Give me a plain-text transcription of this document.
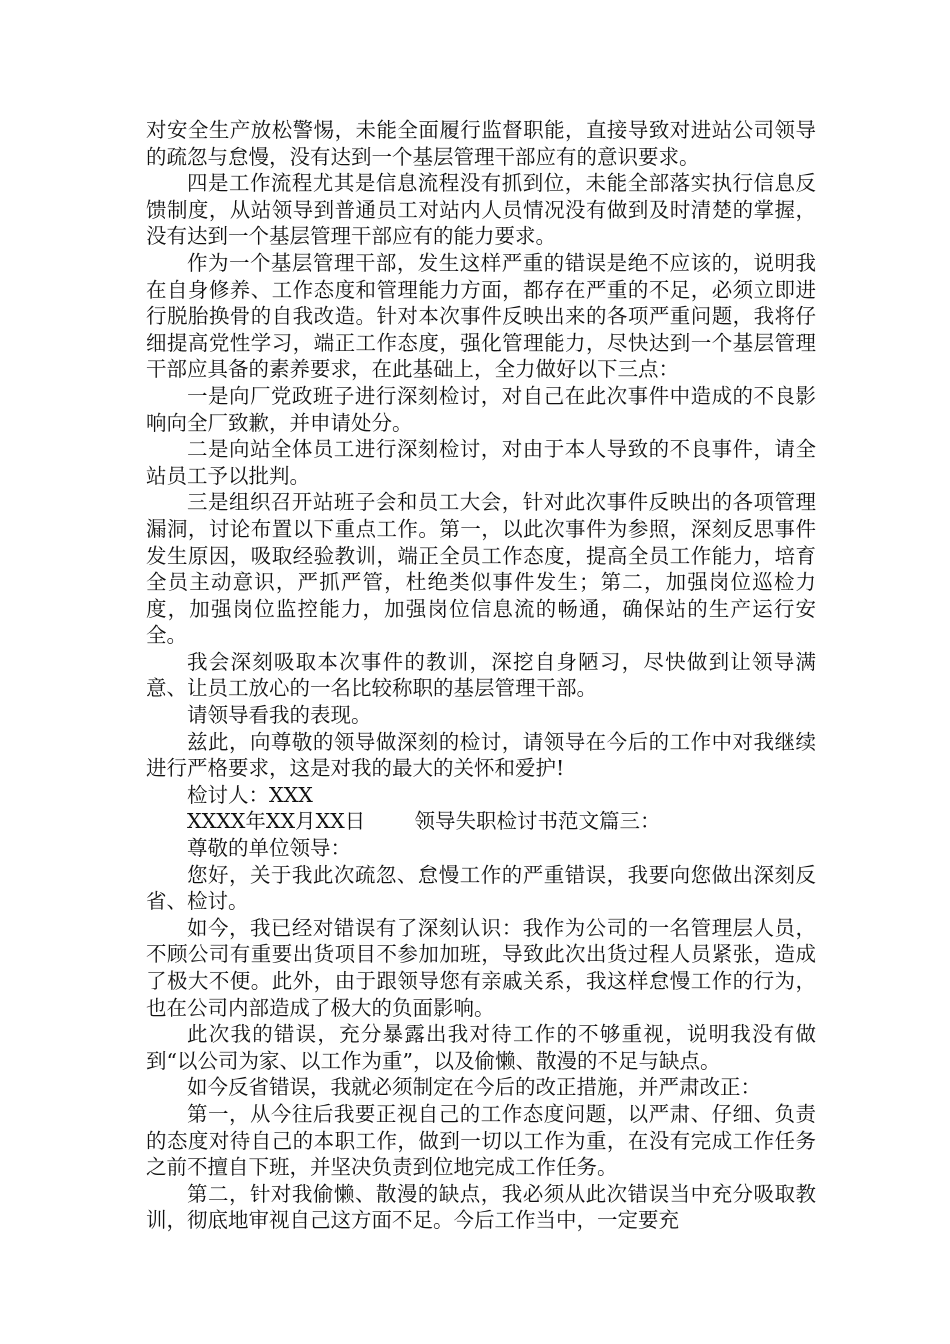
对安全生产放松警惕，未能全面履行监督职能，直接导致对进站公司领导的疏忽与怠慢，没有达到一个基层管理干部应有的意识要求。

四是工作流程尤其是信息流程没有抓到位，未能全部落实执行信息反馈制度，从站领导到普通员工对站内人员情况没有做到及时清楚的掌握，没有达到一个基层管理干部应有的能力要求。

作为一个基层管理干部，发生这样严重的错误是绝不应该的，说明我在自身修养、工作态度和管理能力方面，都存在严重的不足，必须立即进行脱胎换骨的自我改造。针对本次事件反映出来的各项严重问题，我将仔细提高党性学习，端正工作态度，强化管理能力，尽快达到一个基层管理干部应具备的素养要求，在此基础上，全力做好以下三点：

一是向厂党政班子进行深刻检讨，对自己在此次事件中造成的不良影响向全厂致歉，并申请处分。

二是向站全体员工进行深刻检讨，对由于本人导致的不良事件，请全站员工予以批判。

三是组织召开站班子会和员工大会，针对此次事件反映出的各项管理漏洞，讨论布置以下重点工作。第一，以此次事件为参照，深刻反思事件发生原因，吸取经验教训，端正全员工作态度，提高全员工作能力，培育全员主动意识，严抓严管，杜绝类似事件发生；第二，加强岗位巡检力度，加强岗位监控能力，加强岗位信息流的畅通，确保站的生产运行安全。

我会深刻吸取本次事件的教训，深挖自身陋习，尽快做到让领导满意、让员工放心的一名比较称职的基层管理干部。

请领导看我的表现。

兹此，向尊敬的领导做深刻的检讨，请领导在今后的工作中对我继续进行严格要求，这是对我的最大的关怀和爱护!

检讨人：XXX

XXXX年XX月XX日 领导失职检讨书范文篇三：

尊敬的单位领导：

您好，关于我此次疏忽、怠慢工作的严重错误，我要向您做出深刻反省、检讨。

如今，我已经对错误有了深刻认识：我作为公司的一名管理层人员，不顾公司有重要出货项目不参加加班，导致此次出货过程人员紧张，造成了极大不便。此外，由于跟领导您有亲戚关系，我这样怠慢工作的行为，也在公司内部造成了极大的负面影响。

此次我的错误，充分暴露出我对待工作的不够重视，说明我没有做到“以公司为家、以工作为重”，以及偷懒、散漫的不足与缺点。

如今反省错误，我就必须制定在今后的改正措施，并严肃改正：

第一，从今往后我要正视自己的工作态度问题，以严肃、仔细、负责的态度对待自己的本职工作，做到一切以工作为重，在没有完成工作任务之前不擅自下班，并坚决负责到位地完成工作任务。

第二，针对我偷懒、散漫的缺点，我必须从此次错误当中充分吸取教训，彻底地审视自己这方面不足。今后工作当中，一定要充
